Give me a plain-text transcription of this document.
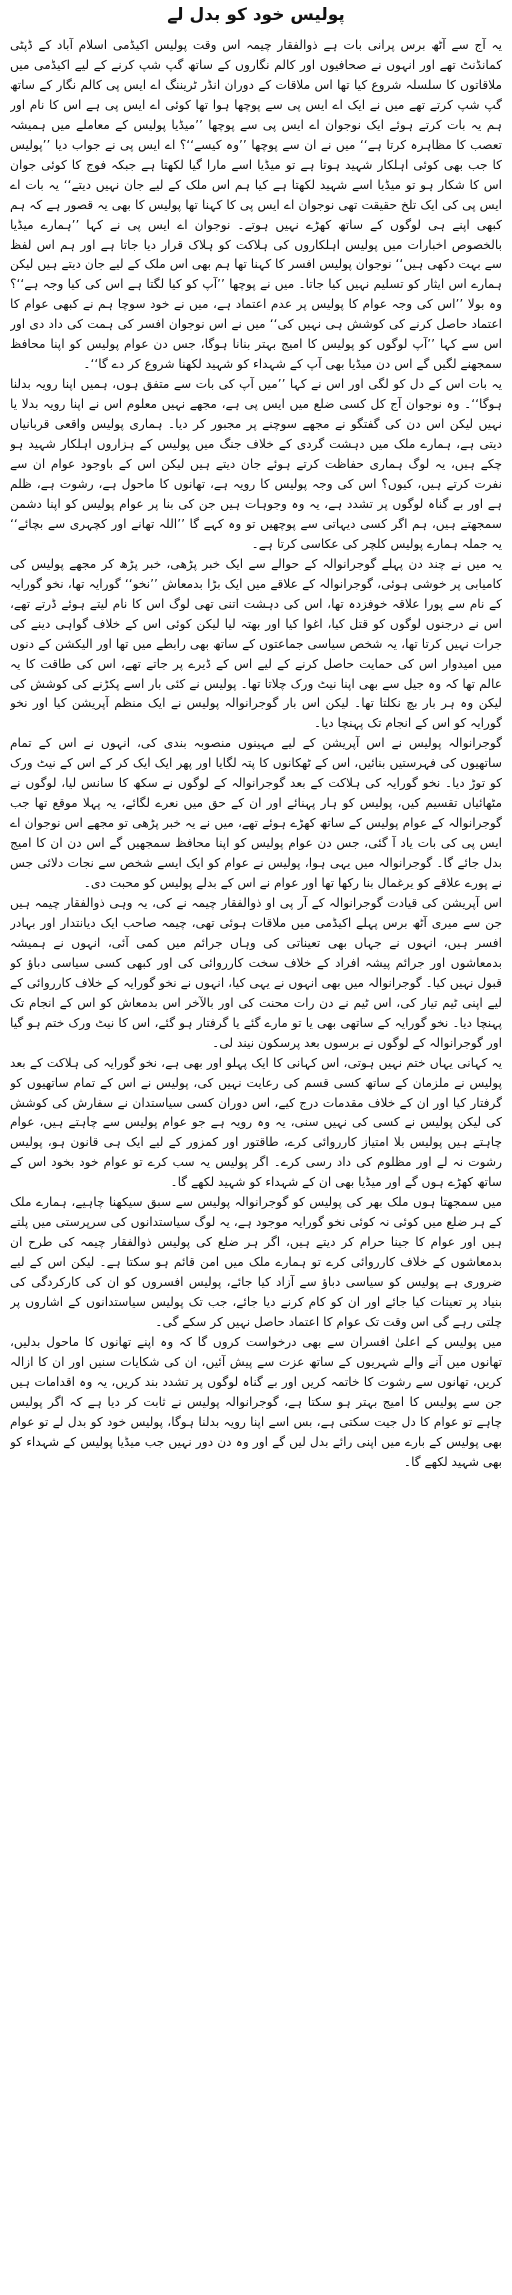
پولیس خود کو بدل لے

یہ آج سے آٹھ برس پرانی بات ہے ذوالفقار چیمہ اس وقت پولیس اکیڈمی اسلام آباد کے ڈپٹی کمانڈنٹ تھے اور انہوں نے صحافیوں اور کالم نگاروں کے ساتھ گپ شپ کرنے کے لیے اکیڈمی میں ملاقاتوں کا سلسلہ شروع کیا تھا اس ملاقات کے دوران انڈر ٹریننگ اے ایس پی کالم نگار کے ساتھ گپ شپ کرتے تھے میں نے ایک اے ایس پی سے پوچھا ہوا تھا کوئی اے ایس پی ہے اس کا نام اور ہم یہ بات کرتے ہوئے ایک نوجوان اے ایس پی سے پوچھا ’’میڈیا پولیس کے معاملے میں ہمیشہ تعصب کا مظاہرہ کرتا ہے‘‘ میں نے ان سے پوچھا ’’وہ کیسے‘‘؟ اے ایس پی نے جواب دیا ’’پولیس کا جب بھی کوئی اہلکار شہید ہوتا ہے تو میڈیا اسے مارا گیا لکھتا ہے جبکہ فوج کا کوئی جوان اس کا شکار ہو تو میڈیا اسے شہید لکھتا ہے کیا ہم اس ملک کے لیے جان نہیں دیتے‘‘ یہ بات اے ایس پی کی ایک تلخ حقیقت تھی نوجوان اے ایس پی کا کہنا تھا پولیس کا بھی یہ قصور ہے کہ ہم کبھی اپنے ہی لوگوں کے ساتھ کھڑے نہیں ہوتے۔ نوجوان اے ایس پی نے کہا ’’ہمارے میڈیا بالخصوص اخبارات میں پولیس اہلکاروں کی ہلاکت کو ہلاک قرار دیا جاتا ہے اور ہم اس لفظ سے بہت دکھی ہیں‘‘ نوجوان پولیس افسر کا کہنا تھا ہم بھی اس ملک کے لیے جان دیتے ہیں لیکن ہمارے اس ایثار کو تسلیم نہیں کیا جاتا۔ میں نے پوچھا ’’آپ کو کیا لگتا ہے اس کی کیا وجہ ہے‘‘؟ وہ بولا ’’اس کی وجہ عوام کا پولیس پر عدم اعتماد ہے، میں نے خود سوچا ہم نے کبھی عوام کا اعتماد حاصل کرنے کی کوشش ہی نہیں کی‘‘ میں نے اس نوجوان افسر کی ہمت کی داد دی اور اس سے کہا ’’آپ لوگوں کو پولیس کا امیج بہتر بنانا ہوگا، جس دن عوام پولیس کو اپنا محافظ سمجھنے لگیں گے اس دن میڈیا بھی آپ کے شہداء کو شہید لکھنا شروع کر دے گا‘‘۔

یہ بات اس کے دل کو لگی اور اس نے کہا ’’میں آپ کی بات سے متفق ہوں، ہمیں اپنا رویہ بدلنا ہوگا‘‘۔ وہ نوجوان آج کل کسی ضلع میں ایس پی ہے، مجھے نہیں معلوم اس نے اپنا رویہ بدلا یا نہیں لیکن اس دن کی گفتگو نے مجھے سوچنے پر مجبور کر دیا۔ ہماری پولیس واقعی قربانیاں دیتی ہے، ہمارے ملک میں دہشت گردی کے خلاف جنگ میں پولیس کے ہزاروں اہلکار شہید ہو چکے ہیں، یہ لوگ ہماری حفاظت کرتے ہوئے جان دیتے ہیں لیکن اس کے باوجود عوام ان سے نفرت کرتے ہیں، کیوں؟ اس کی وجہ پولیس کا رویہ ہے، تھانوں کا ماحول ہے، رشوت ہے، ظلم ہے اور بے گناہ لوگوں پر تشدد ہے، یہ وہ وجوہات ہیں جن کی بنا پر عوام پولیس کو اپنا دشمن سمجھتے ہیں، ہم اگر کسی دیہاتی سے پوچھیں تو وہ کہے گا ’’اللہ تھانے اور کچہری سے بچائے‘‘ یہ جملہ ہمارے پولیس کلچر کی عکاسی کرتا ہے۔

یہ میں نے چند دن پہلے گوجرانوالہ کے حوالے سے ایک خبر پڑھی، خبر پڑھ کر مجھے پولیس کی کامیابی پر خوشی ہوئی، گوجرانوالہ کے علاقے میں ایک بڑا بدمعاش ’’نخو‘‘ گورایہ تھا، نخو گورایہ کے نام سے پورا علاقہ خوفزدہ تھا، اس کی دہشت اتنی تھی لوگ اس کا نام لیتے ہوئے ڈرتے تھے، اس نے درجنوں لوگوں کو قتل کیا، اغوا کیا اور بھتہ لیا لیکن کوئی اس کے خلاف گواہی دینے کی جرات نہیں کرتا تھا، یہ شخص سیاسی جماعتوں کے ساتھ بھی رابطے میں تھا اور الیکشن کے دنوں میں امیدوار اس کی حمایت حاصل کرنے کے لیے اس کے ڈیرے پر جاتے تھے، اس کی طاقت کا یہ عالم تھا کہ وہ جیل سے بھی اپنا نیٹ ورک چلاتا تھا۔ پولیس نے کئی بار اسے پکڑنے کی کوشش کی لیکن وہ ہر بار بچ نکلتا تھا۔ لیکن اس بار گوجرانوالہ پولیس نے ایک منظم آپریشن کیا اور نخو گورایہ کو اس کے انجام تک پہنچا دیا۔

گوجرانوالہ پولیس نے اس آپریشن کے لیے مہینوں منصوبہ بندی کی، انہوں نے اس کے تمام ساتھیوں کی فہرستیں بنائیں، اس کے ٹھکانوں کا پتہ لگایا اور پھر ایک ایک کر کے اس کے نیٹ ورک کو توڑ دیا۔ نخو گورایہ کی ہلاکت کے بعد گوجرانوالہ کے لوگوں نے سکھ کا سانس لیا، لوگوں نے مٹھائیاں تقسیم کیں، پولیس کو ہار پہنائے اور ان کے حق میں نعرے لگائے، یہ پہلا موقع تھا جب گوجرانوالہ کے عوام پولیس کے ساتھ کھڑے ہوئے تھے، میں نے یہ خبر پڑھی تو مجھے اس نوجوان اے ایس پی کی بات یاد آ گئی، جس دن عوام پولیس کو اپنا محافظ سمجھیں گے اس دن ان کا امیج بدل جائے گا۔ گوجرانوالہ میں یہی ہوا، پولیس نے عوام کو ایک ایسے شخص سے نجات دلائی جس نے پورے علاقے کو یرغمال بنا رکھا تھا اور عوام نے اس کے بدلے پولیس کو محبت دی۔

اس آپریشن کی قیادت گوجرانوالہ کے آر پی او ذوالفقار چیمہ نے کی، یہ وہی ذوالفقار چیمہ ہیں جن سے میری آٹھ برس پہلے اکیڈمی میں ملاقات ہوئی تھی، چیمہ صاحب ایک دیانتدار اور بہادر افسر ہیں، انہوں نے جہاں بھی تعیناتی کی وہاں جرائم میں کمی آئی، انہوں نے ہمیشہ بدمعاشوں اور جرائم پیشہ افراد کے خلاف سخت کارروائی کی اور کبھی کسی سیاسی دباؤ کو قبول نہیں کیا۔ گوجرانوالہ میں بھی انہوں نے یہی کیا، انہوں نے نخو گورایہ کے خلاف کارروائی کے لیے اپنی ٹیم تیار کی، اس ٹیم نے دن رات محنت کی اور بالآخر اس بدمعاش کو اس کے انجام تک پہنچا دیا۔ نخو گورایہ کے ساتھی بھی یا تو مارے گئے یا گرفتار ہو گئے، اس کا نیٹ ورک ختم ہو گیا اور گوجرانوالہ کے لوگوں نے برسوں بعد پرسکون نیند لی۔

یہ کہانی یہاں ختم نہیں ہوتی، اس کہانی کا ایک پہلو اور بھی ہے، نخو گورایہ کی ہلاکت کے بعد پولیس نے ملزمان کے ساتھ کسی قسم کی رعایت نہیں کی، پولیس نے اس کے تمام ساتھیوں کو گرفتار کیا اور ان کے خلاف مقدمات درج کیے، اس دوران کسی سیاستدان نے سفارش کی کوشش کی لیکن پولیس نے کسی کی نہیں سنی، یہ وہ رویہ ہے جو عوام پولیس سے چاہتے ہیں، عوام چاہتے ہیں پولیس بلا امتیاز کارروائی کرے، طاقتور اور کمزور کے لیے ایک ہی قانون ہو، پولیس رشوت نہ لے اور مظلوم کی داد رسی کرے۔ اگر پولیس یہ سب کرے تو عوام خود بخود اس کے ساتھ کھڑے ہوں گے اور میڈیا بھی ان کے شہداء کو شہید لکھے گا۔

میں سمجھتا ہوں ملک بھر کی پولیس کو گوجرانوالہ پولیس سے سبق سیکھنا چاہیے، ہمارے ملک کے ہر ضلع میں کوئی نہ کوئی نخو گورایہ موجود ہے، یہ لوگ سیاستدانوں کی سرپرستی میں پلتے ہیں اور عوام کا جینا حرام کر دیتے ہیں، اگر ہر ضلع کی پولیس ذوالفقار چیمہ کی طرح ان بدمعاشوں کے خلاف کارروائی کرے تو ہمارے ملک میں امن قائم ہو سکتا ہے۔ لیکن اس کے لیے ضروری ہے پولیس کو سیاسی دباؤ سے آزاد کیا جائے، پولیس افسروں کو ان کی کارکردگی کی بنیاد پر تعینات کیا جائے اور ان کو کام کرنے دیا جائے، جب تک پولیس سیاستدانوں کے اشاروں پر چلتی رہے گی اس وقت تک عوام کا اعتماد حاصل نہیں کر سکے گی۔

میں پولیس کے اعلیٰ افسران سے بھی درخواست کروں گا کہ وہ اپنے تھانوں کا ماحول بدلیں، تھانوں میں آنے والے شہریوں کے ساتھ عزت سے پیش آئیں، ان کی شکایات سنیں اور ان کا ازالہ کریں، تھانوں سے رشوت کا خاتمہ کریں اور بے گناہ لوگوں پر تشدد بند کریں، یہ وہ اقدامات ہیں جن سے پولیس کا امیج بہتر ہو سکتا ہے، گوجرانوالہ پولیس نے ثابت کر دیا ہے کہ اگر پولیس چاہے تو عوام کا دل جیت سکتی ہے، بس اسے اپنا رویہ بدلنا ہوگا، پولیس خود کو بدل لے تو عوام بھی پولیس کے بارے میں اپنی رائے بدل لیں گے اور وہ دن دور نہیں جب میڈیا پولیس کے شہداء کو بھی شہید لکھے گا۔
